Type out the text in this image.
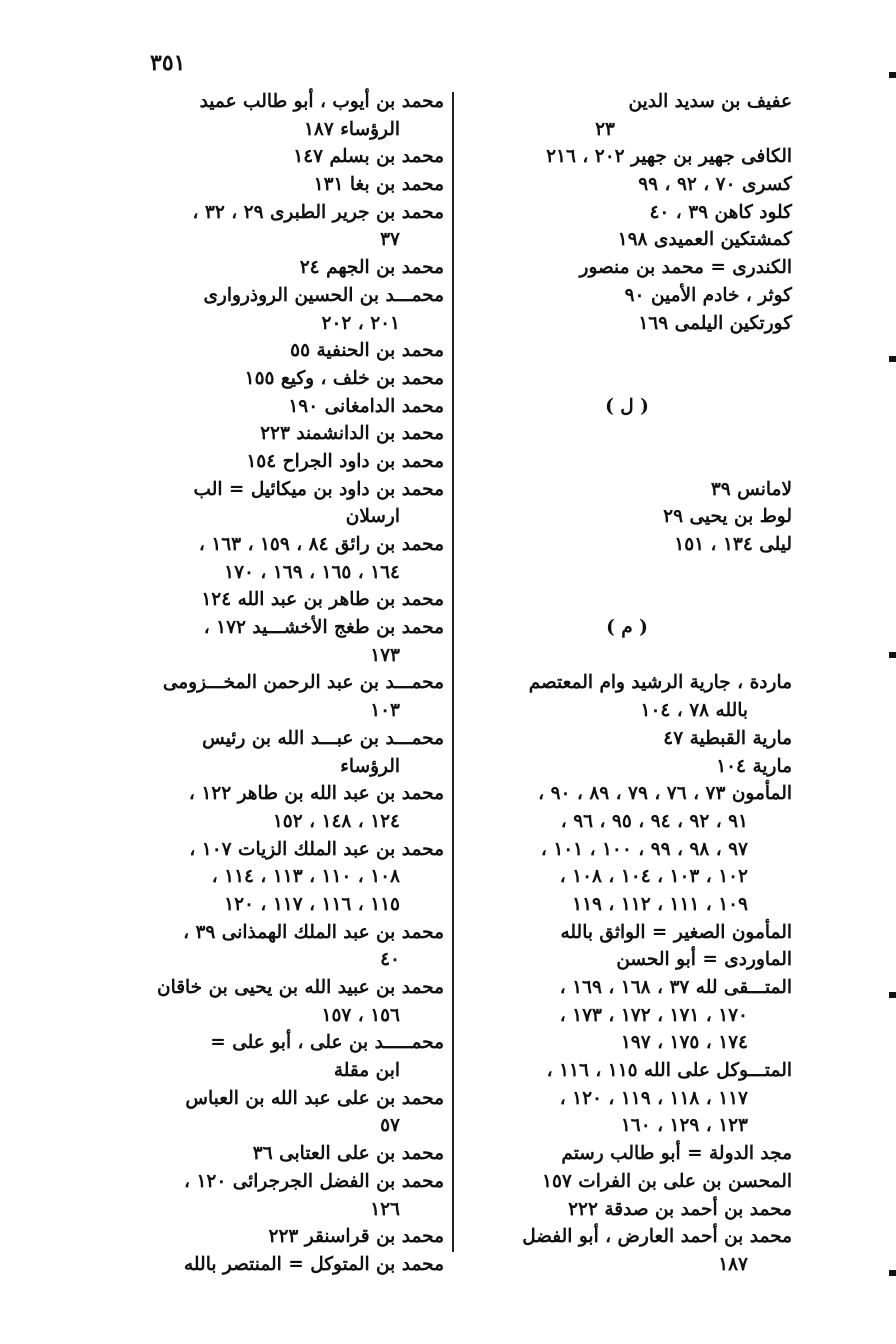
٣٥١
عفيف بن سديد الدين
٢٣
الكافى جهير بن جهير ٢٠٢ ، ٢١٦
كسرى ٧٠ ، ٩٢ ، ٩٩
كلود كاهن ٣٩ ، ٤٠
كمشتكين العميدى ١٩٨
الكندرى = محمد بن منصور
كوثر ، خادم الأمين ٩٠
كورتكين اليلمى ١٦٩
( ل )
لامانس ٣٩
لوط بن يحيى ٢٩
ليلى ١٣٤ ، ١٥١
( م )
ماردة ، جارية الرشيد وام المعتصم
بالله ٧٨ ، ١٠٤
مارية القبطية ٤٧
مارية ١٠٤
المأمون ٧٣ ، ٧٦ ، ٧٩ ، ٨٩ ، ٩٠ ،
٩١ ، ٩٢ ، ٩٤ ، ٩٥ ، ٩٦ ،
٩٧ ، ٩٨ ، ٩٩ ، ١٠٠ ، ١٠١ ،
١٠٢ ، ١٠٣ ، ١٠٤ ، ١٠٨ ،
١٠٩ ، ١١١ ، ١١٢ ، ١١٩
المأمون الصغير = الواثق بالله
الماوردى = أبو الحسن
المتـــقى لله ٣٧ ، ١٦٨ ، ١٦٩ ،
١٧٠ ، ١٧١ ، ١٧٢ ، ١٧٣ ،
١٧٤ ، ١٧٥ ، ١٩٧
المتـــوكل على الله ١١٥ ، ١١٦ ،
١١٧ ، ١١٨ ، ١١٩ ، ١٢٠ ،
١٢٣ ، ١٢٩ ، ١٦٠
مجد الدولة = أبو طالب رستم
المحسن بن على بن الفرات ١٥٧
محمد بن أحمد بن صدقة ٢٢٢
محمد بن أحمد العارض ، أبو الفضل
١٨٧
محمد بن أيوب ، أبو طالب عميد
الرؤساء ١٨٧
محمد بن بسلم ١٤٧
محمد بن بغا ١٣١
محمد بن جرير الطبرى ٢٩ ، ٣٢ ،
٣٧
محمد بن الجهم ٢٤
محمـــد بن الحسين الروذروارى
٢٠١ ، ٢٠٢
محمد بن الحنفية ٥٥
محمد بن خلف ، وكيع ١٥٥
محمد الدامغانى ١٩٠
محمد بن الدانشمند ٢٢٣
محمد بن داود الجراح ١٥٤
محمد بن داود بن ميكائيل = الب
ارسلان
محمد بن رائق ٨٤ ، ١٥٩ ، ١٦٣ ،
١٦٤ ، ١٦٥ ، ١٦٩ ، ١٧٠
محمد بن طاهر بن عبد الله ١٢٤
محمد بن طغج الأخشـــيد ١٧٢ ،
١٧٣
محمـــد بن عبد الرحمن المخـــزومى
١٠٣
محمـــد بن عبـــد الله بن رئيس
الرؤساء
محمد بن عبد الله بن طاهر ١٢٢ ،
١٢٤ ، ١٤٨ ، ١٥٢
محمد بن عبد الملك الزيات ١٠٧ ،
١٠٨ ، ١١٠ ، ١١٣ ، ١١٤ ،
١١٥ ، ١١٦ ، ١١٧ ، ١٢٠
محمد بن عبد الملك الهمذانى ٣٩ ،
٤٠
محمد بن عبيد الله بن يحيى بن خاقان
١٥٦ ، ١٥٧
محمـــــد بن على ، أبو على =
ابن مقلة
محمد بن على عبد الله بن العباس
٥٧
محمد بن على العتابى ٣٦
محمد بن الفضل الجرجرائى ١٢٠ ،
١٢٦
محمد بن قراسنقر ٢٢٣
محمد بن المتوكل = المنتصر بالله
